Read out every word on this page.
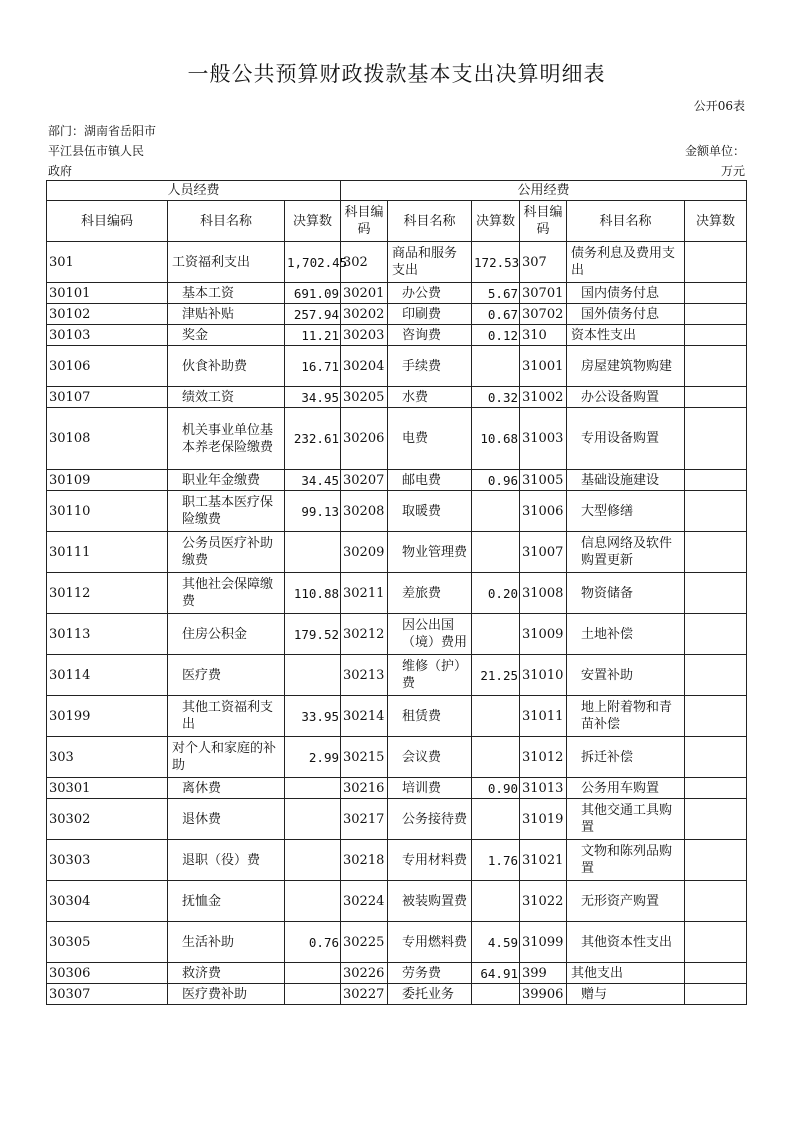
一般公共预算财政拨款基本支出决算明细表
公开06表
部门：湖南省岳阳市
平江县伍市镇人民
政府
金额单位：
万元
人员经费			公用经费					
科目编码	科目名称	决算数	科目编码	科目名称	决算数	科目编码	科目名称	决算数
301	工资福利支出	1,702.45	302	商品和服务支出	172.53	307	债务利息及费用支出	
30101	基本工资	691.09	30201	办公费	5.67	30701	国内债务付息	
30102	津贴补贴	257.94	30202	印刷费	0.67	30702	国外债务付息	
30103	奖金	11.21	30203	咨询费	0.12	310	资本性支出	
30106	伙食补助费	16.71	30204	手续费		31001	房屋建筑物购建	
30107	绩效工资	34.95	30205	水费	0.32	31002	办公设备购置	
30108	机关事业单位基本养老保险缴费	232.61	30206	电费	10.68	31003	专用设备购置	
30109	职业年金缴费	34.45	30207	邮电费	0.96	31005	基础设施建设	
30110	职工基本医疗保险缴费	99.13	30208	取暖费		31006	大型修缮	
30111	公务员医疗补助缴费		30209	物业管理费		31007	信息网络及软件购置更新	
30112	其他社会保障缴费	110.88	30211	差旅费	0.20	31008	物资储备	
30113	住房公积金	179.52	30212	因公出国（境）费用		31009	土地补偿	
30114	医疗费		30213	维修（护）费	21.25	31010	安置补助	
30199	其他工资福利支出	33.95	30214	租赁费		31011	地上附着物和青苗补偿	
303	对个人和家庭的补助	2.99	30215	会议费		31012	拆迁补偿	
30301	离休费		30216	培训费	0.90	31013	公务用车购置	
30302	退休费		30217	公务接待费		31019	其他交通工具购置	
30303	退职（役）费		30218	专用材料费	1.76	31021	文物和陈列品购置	
30304	抚恤金		30224	被装购置费		31022	无形资产购置	
30305	生活补助	0.76	30225	专用燃料费	4.59	31099	其他资本性支出	
30306	救济费		30226	劳务费	64.91	399	其他支出	
30307	医疗费补助		30227	委托业务		39906	赠与	
